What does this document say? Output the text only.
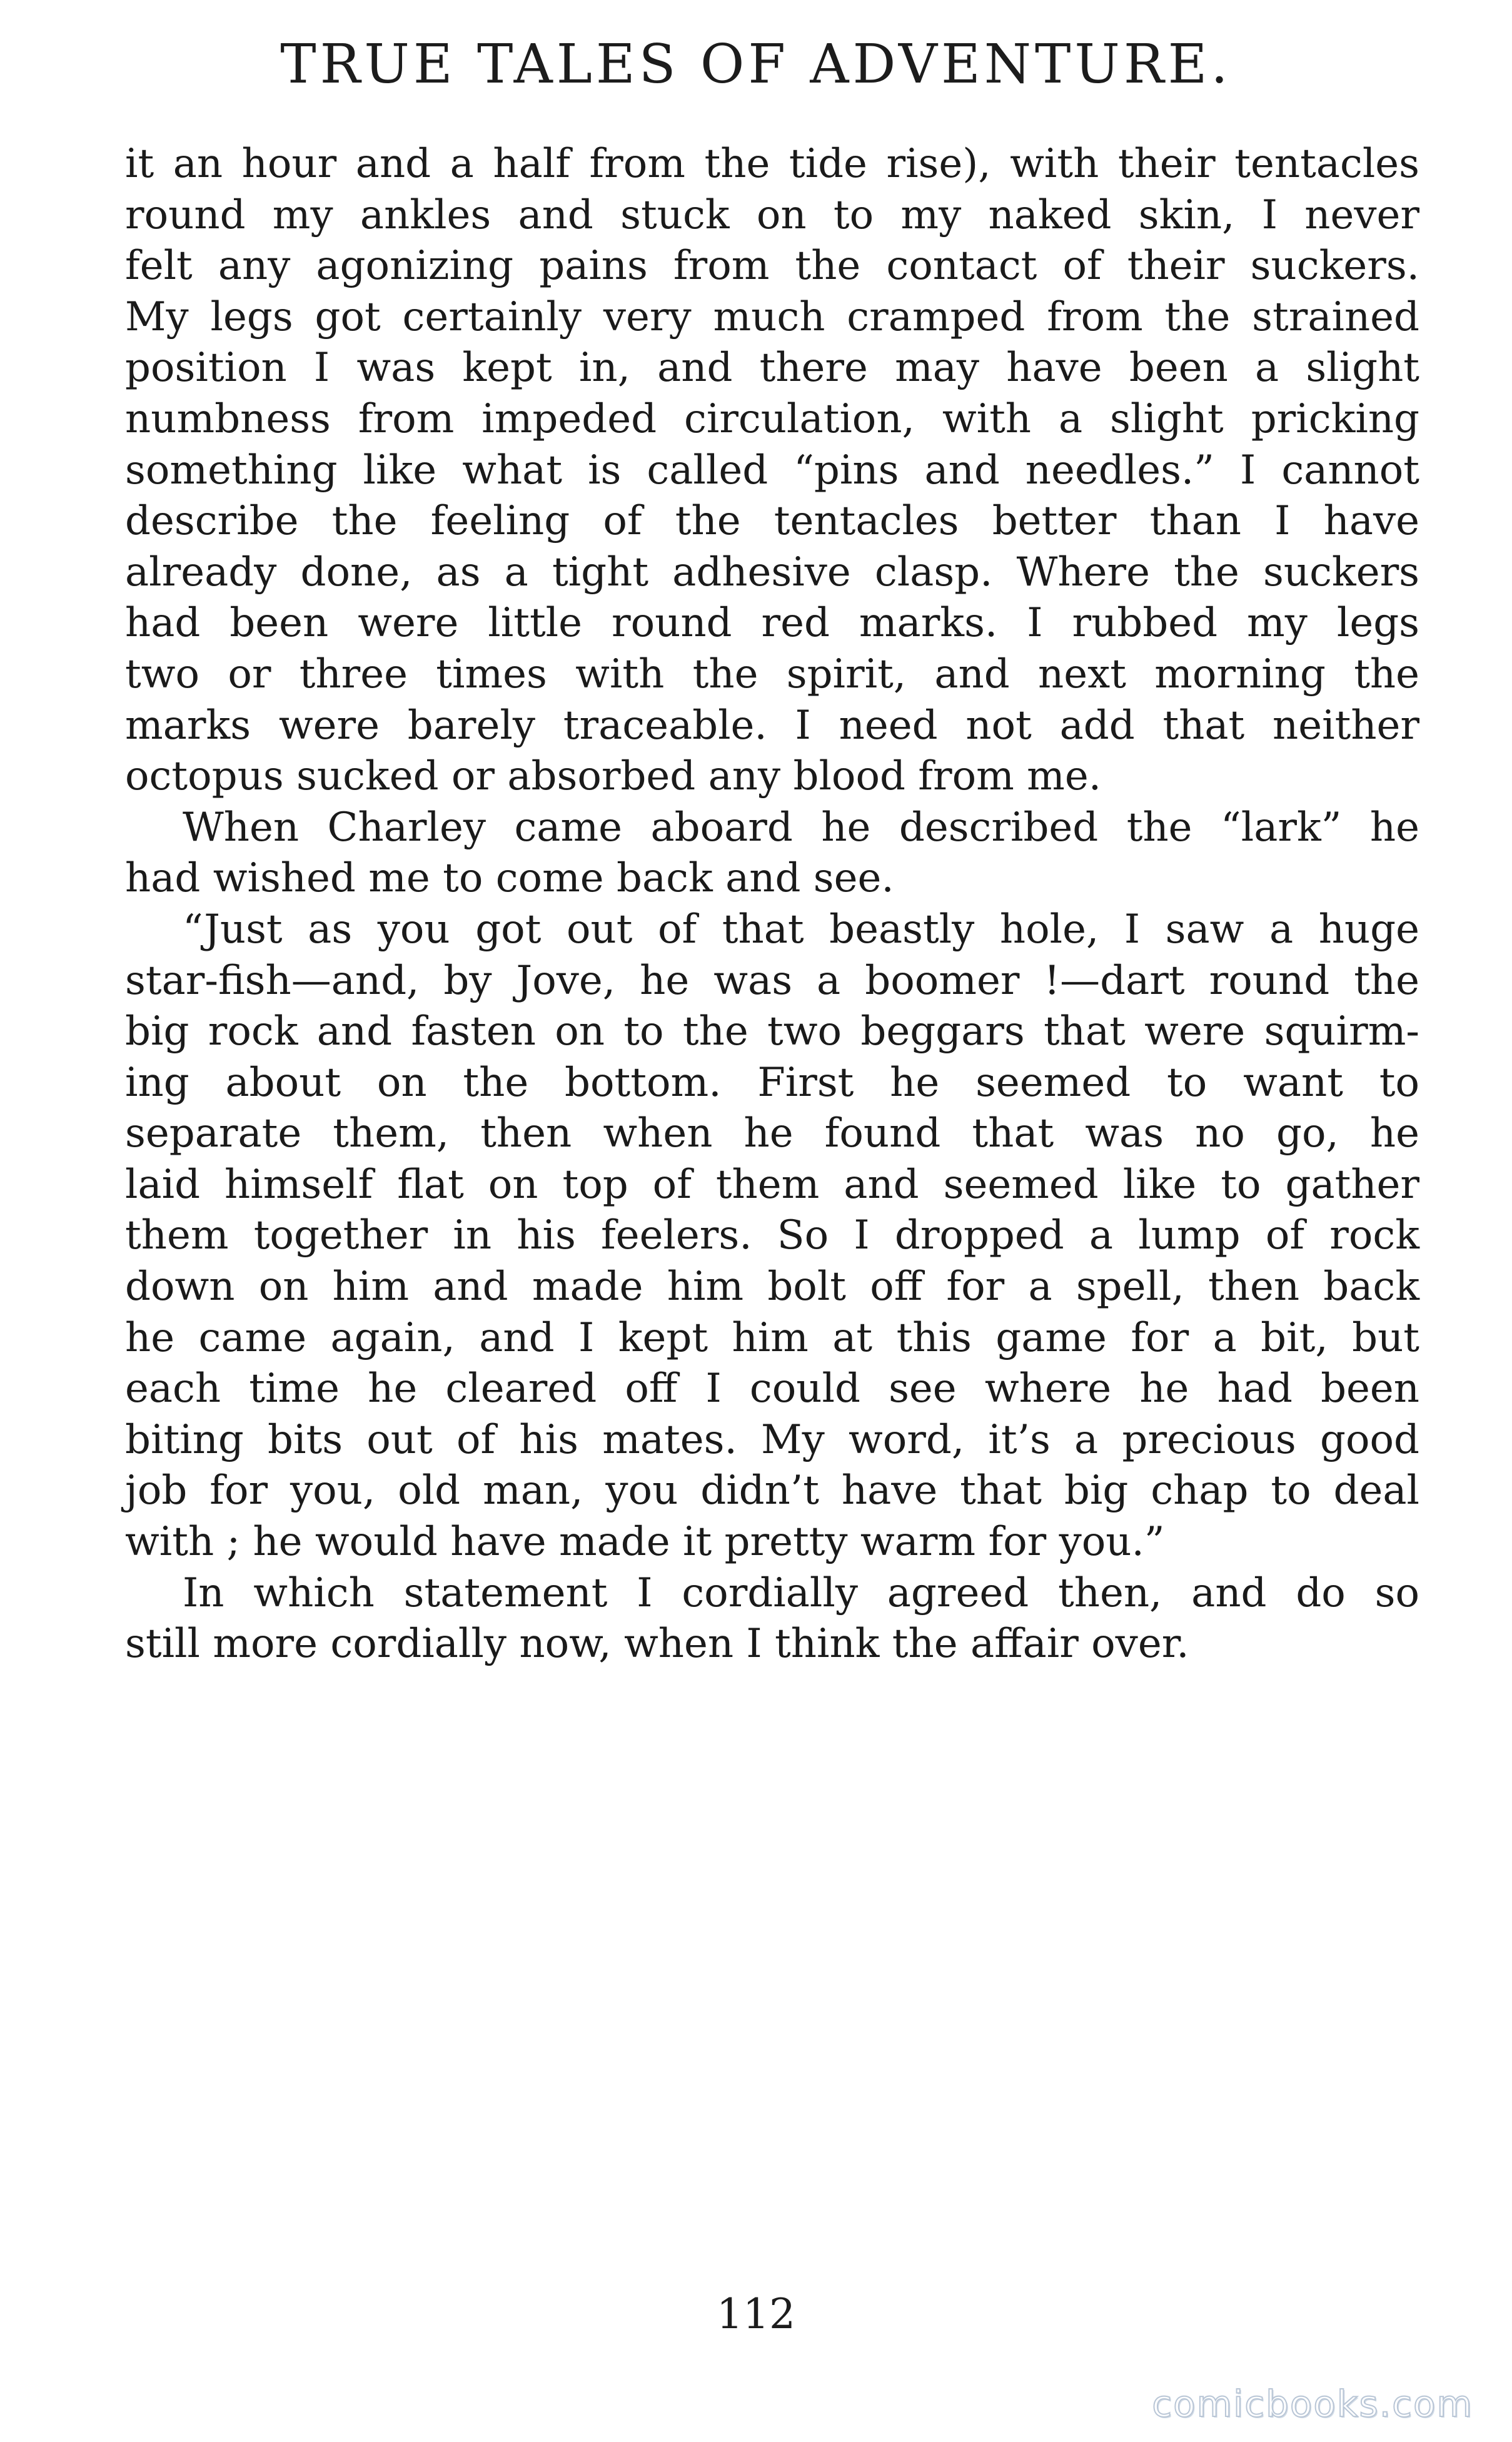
TRUE TALES OF ADVENTURE.
it an hour and a half from the tide rise), with their tentacles
round my ankles and stuck on to my naked skin, I never
felt any agonizing pains from the contact of their suckers.
My legs got certainly very much cramped from the strained
position I was kept in, and there may have been a slight
numbness from impeded circulation, with a slight pricking
something like what is called “pins and needles.” I cannot
describe the feeling of the tentacles better than I have
already done, as a tight adhesive clasp. Where the suckers
had been were little round red marks. I rubbed my legs
two or three times with the spirit, and next morning the
marks were barely traceable. I need not add that neither
octopus sucked or absorbed any blood from me.
When Charley came aboard he described the “lark” he
had wished me to come back and see.
“Just as you got out of that beastly hole, I saw a huge
star-fish—and, by Jove, he was a boomer !—dart round the
big rock and fasten on to the two beggars that were squirm-
ing about on the bottom. First he seemed to want to
separate them, then when he found that was no go, he
laid himself flat on top of them and seemed like to gather
them together in his feelers. So I dropped a lump of rock
down on him and made him bolt off for a spell, then back
he came again, and I kept him at this game for a bit, but
each time he cleared off I could see where he had been
biting bits out of his mates. My word, it’s a precious good
job for you, old man, you didn’t have that big chap to deal
with ; he would have made it pretty warm for you.”
In which statement I cordially agreed then, and do so
still more cordially now, when I think the affair over.
112
comicbooks.com
